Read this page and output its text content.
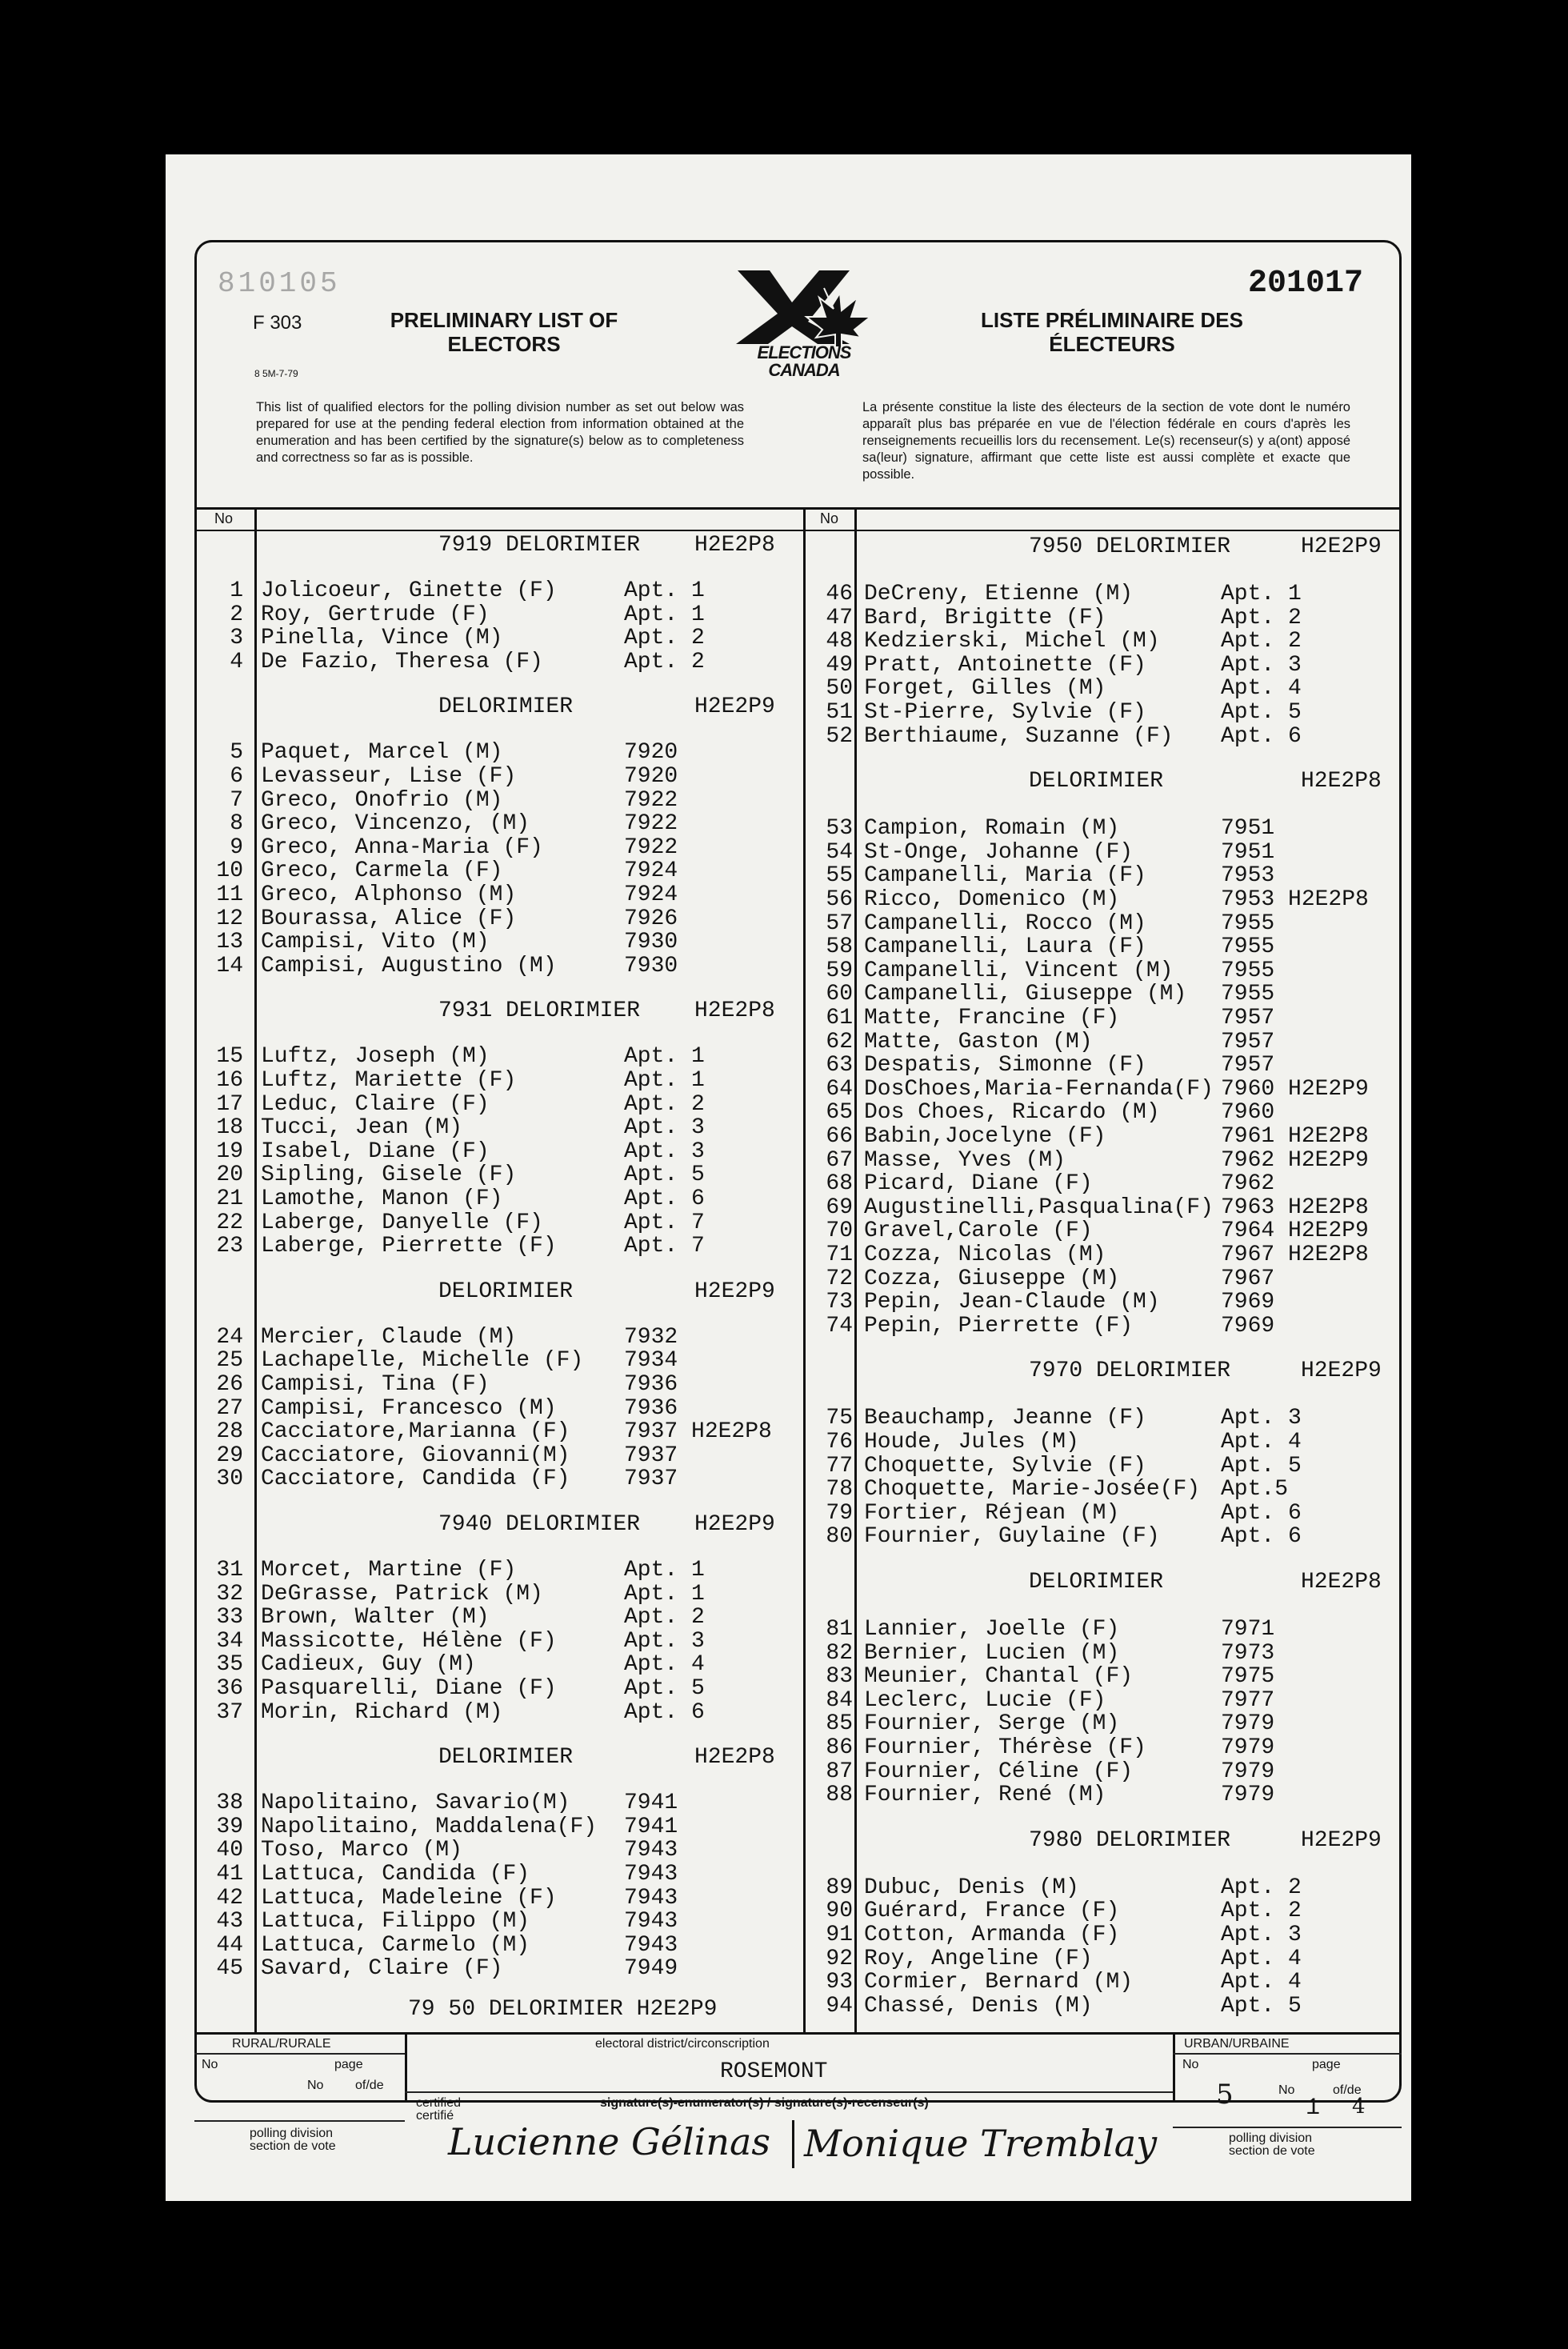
810105	201017
F 303
8 5M-7-79
PRELIMINARY LIST OF ELECTORS
LISTE PRÉLIMINAIRE DES ÉLECTEURS
ELECTIONS
CANADA
This list of qualified electors for the polling division number as set out below was prepared for use at the pending federal election from information obtained at the enumeration and has been certified by the signature(s) below as to completeness and correctness so far as is possible.
La présente constitue la liste des électeurs de la section de vote dont le numéro apparaît plus bas préparée en vue de l'élection fédérale en cours d'après les renseignements recueillis lors du recensement. Le(s) recenseur(s) y a(ont) apposé sa(leur) signature, affirmant que cette liste est aussi complète et exacte que possible.
No	No
7919 DELORIMIER H2E2P8
1 Jolicoeur, Ginette (F)	Apt. 1
2 Roy, Gertrude (F)	Apt. 1
3 Pinella, Vince (M)	Apt. 2
4 De Fazio, Theresa (F)	Apt. 2
DELORIMIER	H2E2P9
5 Paquet, Marcel (M)	7920
6 Levasseur, Lise (F)	7920
7 Greco, Onofrio (M)	7922
8 Greco, Vincenzo, (M)	7922
9 Greco, Anna-Maria (F)	7922
10 Greco, Carmela (F)	7924
11 Greco, Alphonso (M)	7924
12 Bourassa, Alice (F)	7926
13 Campisi, Vito (M)	7930
14 Campisi, Augustino (M)	7930
7931 DELORIMIER H2E2P8
15 Luftz, Joseph (M)	Apt. 1
16 Luftz, Mariette (F)	Apt. 1
17 Leduc, Claire (F)	Apt. 2
18 Tucci, Jean (M)	Apt. 3
19 Isabel, Diane (F)	Apt. 3
20 Sipling, Gisele (F)	Apt. 5
21 Lamothe, Manon (F)	Apt. 6
22 Laberge, Danyelle (F)	Apt. 7
23 Laberge, Pierrette (F)	Apt. 7
DELORIMIER	H2E2P9
24 Mercier, Claude (M)	7932
25 Lachapelle, Michelle (F) 7934
26 Campisi, Tina (F)	7936
27 Campisi, Francesco (M)	7936
28 Cacciatore,Marianna (F) 7937 H2E2P8
29 Cacciatore, Giovanni(M) 7937
30 Cacciatore, Candida (F) 7937
7940 DELORIMIER H2E2P9
31 Morcet, Martine (F)	Apt. 1
32 DeGrasse, Patrick (M)	Apt. 1
33 Brown, Walter (M)	Apt. 2
34 Massicotte, Hélène (F)	Apt. 3
35 Cadieux, Guy (M)	Apt. 4
36 Pasquarelli, Diane (F)	Apt. 5
37 Morin, Richard (M)	Apt. 6
DELORIMIER	H2E2P8
38 Napolitaino, Savario(M) 7941
39 Napolitaino, Maddalena(F) 7941
40 Toso, Marco (M)	7943
41 Lattuca, Candida (F)	7943
42 Lattuca, Madeleine (F)	7943
43 Lattuca, Filippo (M)	7943
44 Lattuca, Carmelo (M)	7943
45 Savard, Claire (F)	7949
7950 DELORIMIER	H2E2P9
46 DeCreny, Etienne (M)	Apt. 1
47 Bard, Brigitte (F)	Apt. 2
48 Kedzierski, Michel (M)	Apt. 2
49 Pratt, Antoinette (F)	Apt. 3
50 Forget, Gilles (M)	Apt. 4
51 St-Pierre, Sylvie (F)	Apt. 5
52 Berthiaume, Suzanne (F) Apt. 6
DELORIMIER	H2E2P8
53 Campion, Romain (M)	7951
54 St-Onge, Johanne (F)	7951
55 Campanelli, Maria (F)	7953
56 Ricco, Domenico (M)	7953 H2E2P8
57 Campanelli, Rocco (M)	7955
58 Campanelli, Laura (F)	7955
59 Campanelli, Vincent (M) 7955
60 Campanelli, Giuseppe (M) 7955
61 Matte, Francine (F)	7957
62 Matte, Gaston (M)	7957
63 Despatis, Simonne (F)	7957
64 DosChoes,Maria-Fernanda(F) 7960 H2E2P9
65 Dos Choes, Ricardo (M)	7960
66 Babin,Jocelyne (F)	7961 H2E2P8
67 Masse, Yves (M)	7962 H2E2P9
68 Picard, Diane (F)	7962
69 Augustinelli,Pasqualina(F) 7963 H2E2P8
70 Gravel,Carole (F)	7964 H2E2P9
71 Cozza, Nicolas (M)	7967 H2E2P8
72 Cozza, Giuseppe (M)	7967
73 Pepin, Jean-Claude (M)	7969
74 Pepin, Pierrette (F)	7969
7970 DELORIMIER	H2E2P9
75 Beauchamp, Jeanne (F)	Apt. 3
76 Houde, Jules (M)	Apt. 4
77 Choquette, Sylvie (F)	Apt. 5
78 Choquette, Marie-Josée(F) Apt.5
79 Fortier, Réjean (M)	Apt. 6
80 Fournier, Guylaine (F)	Apt. 6
DELORIMIER	H2E2P8
81 Lannier, Joelle (F)	7971
82 Bernier, Lucien (M)	7973
83 Meunier, Chantal (F)	7975
84 Leclerc, Lucie (F)	7977
85 Fournier, Serge (M)	7979
86 Fournier, Thérèse (F)	7979
87 Fournier, Céline (F)	7979
88 Fournier, René (M)	7979
7980 DELORIMIER	H2E2P9
89 Dubuc, Denis (M)	Apt. 2
90 Guérard, France (F)	Apt. 2
91 Cotton, Armanda (F)	Apt. 3
92 Roy, Angeline (F)	Apt. 4
93 Cormier, Bernard (M)	Apt. 4
94 Chassé, Denis (M)	Apt. 5
79 50 DELORIMIER H2E2P9
RURAL/RURALE	URBAN/URBAINE
electoral district/circonscription
No	page
No of/de
polling division
section de vote
ROSEMONT
certified
certifié
signature(s)-enumerator(s) / signature(s)-recenseur(s)
Lucienne Gélinas Monique Tremblay
No	page
5	No
1
of/de
4
polling division
section de vote
